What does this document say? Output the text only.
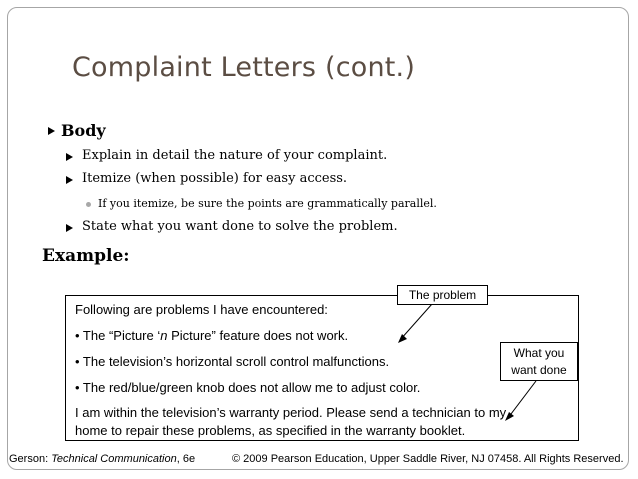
Complaint Letters (cont.)
Body
Explain in detail the nature of your complaint.
Itemize (when possible) for easy access.
If you itemize, be sure the points are grammatically parallel.
State what you want done to solve the problem.
Example:
Following are problems I have encountered:
• The “Picture ‘n Picture” feature does not work.
• The television’s horizontal scroll control malfunctions.
• The red/blue/green knob does not allow me to adjust color.
I am within the television’s warranty period. Please send a technician to my
home to repair these problems, as specified in the warranty booklet.
The problem
What you
want done
Gerson: Technical Communication, 6e	© 2009 Pearson Education, Upper Saddle River, NJ 07458. All Rights Reserved.
